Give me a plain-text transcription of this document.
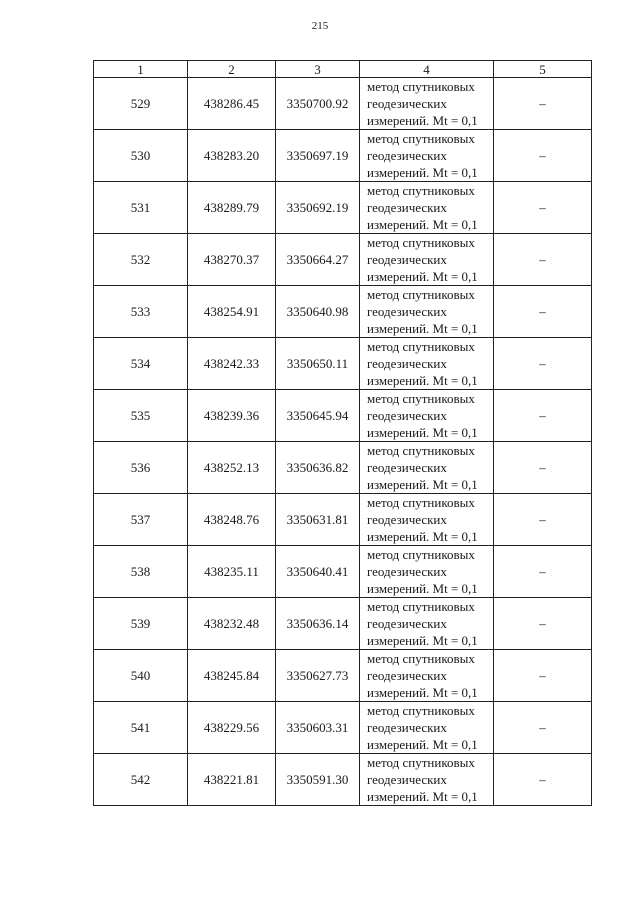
215
1	2	3	4	5
529	438286.45	3350700.92	метод спутниковых
геодезических
измерений. Mt = 0,1	–
530	438283.20	3350697.19	метод спутниковых
геодезических
измерений. Mt = 0,1	–
531	438289.79	3350692.19	метод спутниковых
геодезических
измерений. Mt = 0,1	–
532	438270.37	3350664.27	метод спутниковых
геодезических
измерений. Mt = 0,1	–
533	438254.91	3350640.98	метод спутниковых
геодезических
измерений. Mt = 0,1	–
534	438242.33	3350650.11	метод спутниковых
геодезических
измерений. Mt = 0,1	–
535	438239.36	3350645.94	метод спутниковых
геодезических
измерений. Mt = 0,1	–
536	438252.13	3350636.82	метод спутниковых
геодезических
измерений. Mt = 0,1	–
537	438248.76	3350631.81	метод спутниковых
геодезических
измерений. Mt = 0,1	–
538	438235.11	3350640.41	метод спутниковых
геодезических
измерений. Mt = 0,1	–
539	438232.48	3350636.14	метод спутниковых
геодезических
измерений. Mt = 0,1	–
540	438245.84	3350627.73	метод спутниковых
геодезических
измерений. Mt = 0,1	–
541	438229.56	3350603.31	метод спутниковых
геодезических
измерений. Mt = 0,1	–
542	438221.81	3350591.30	метод спутниковых
геодезических
измерений. Mt = 0,1	–
